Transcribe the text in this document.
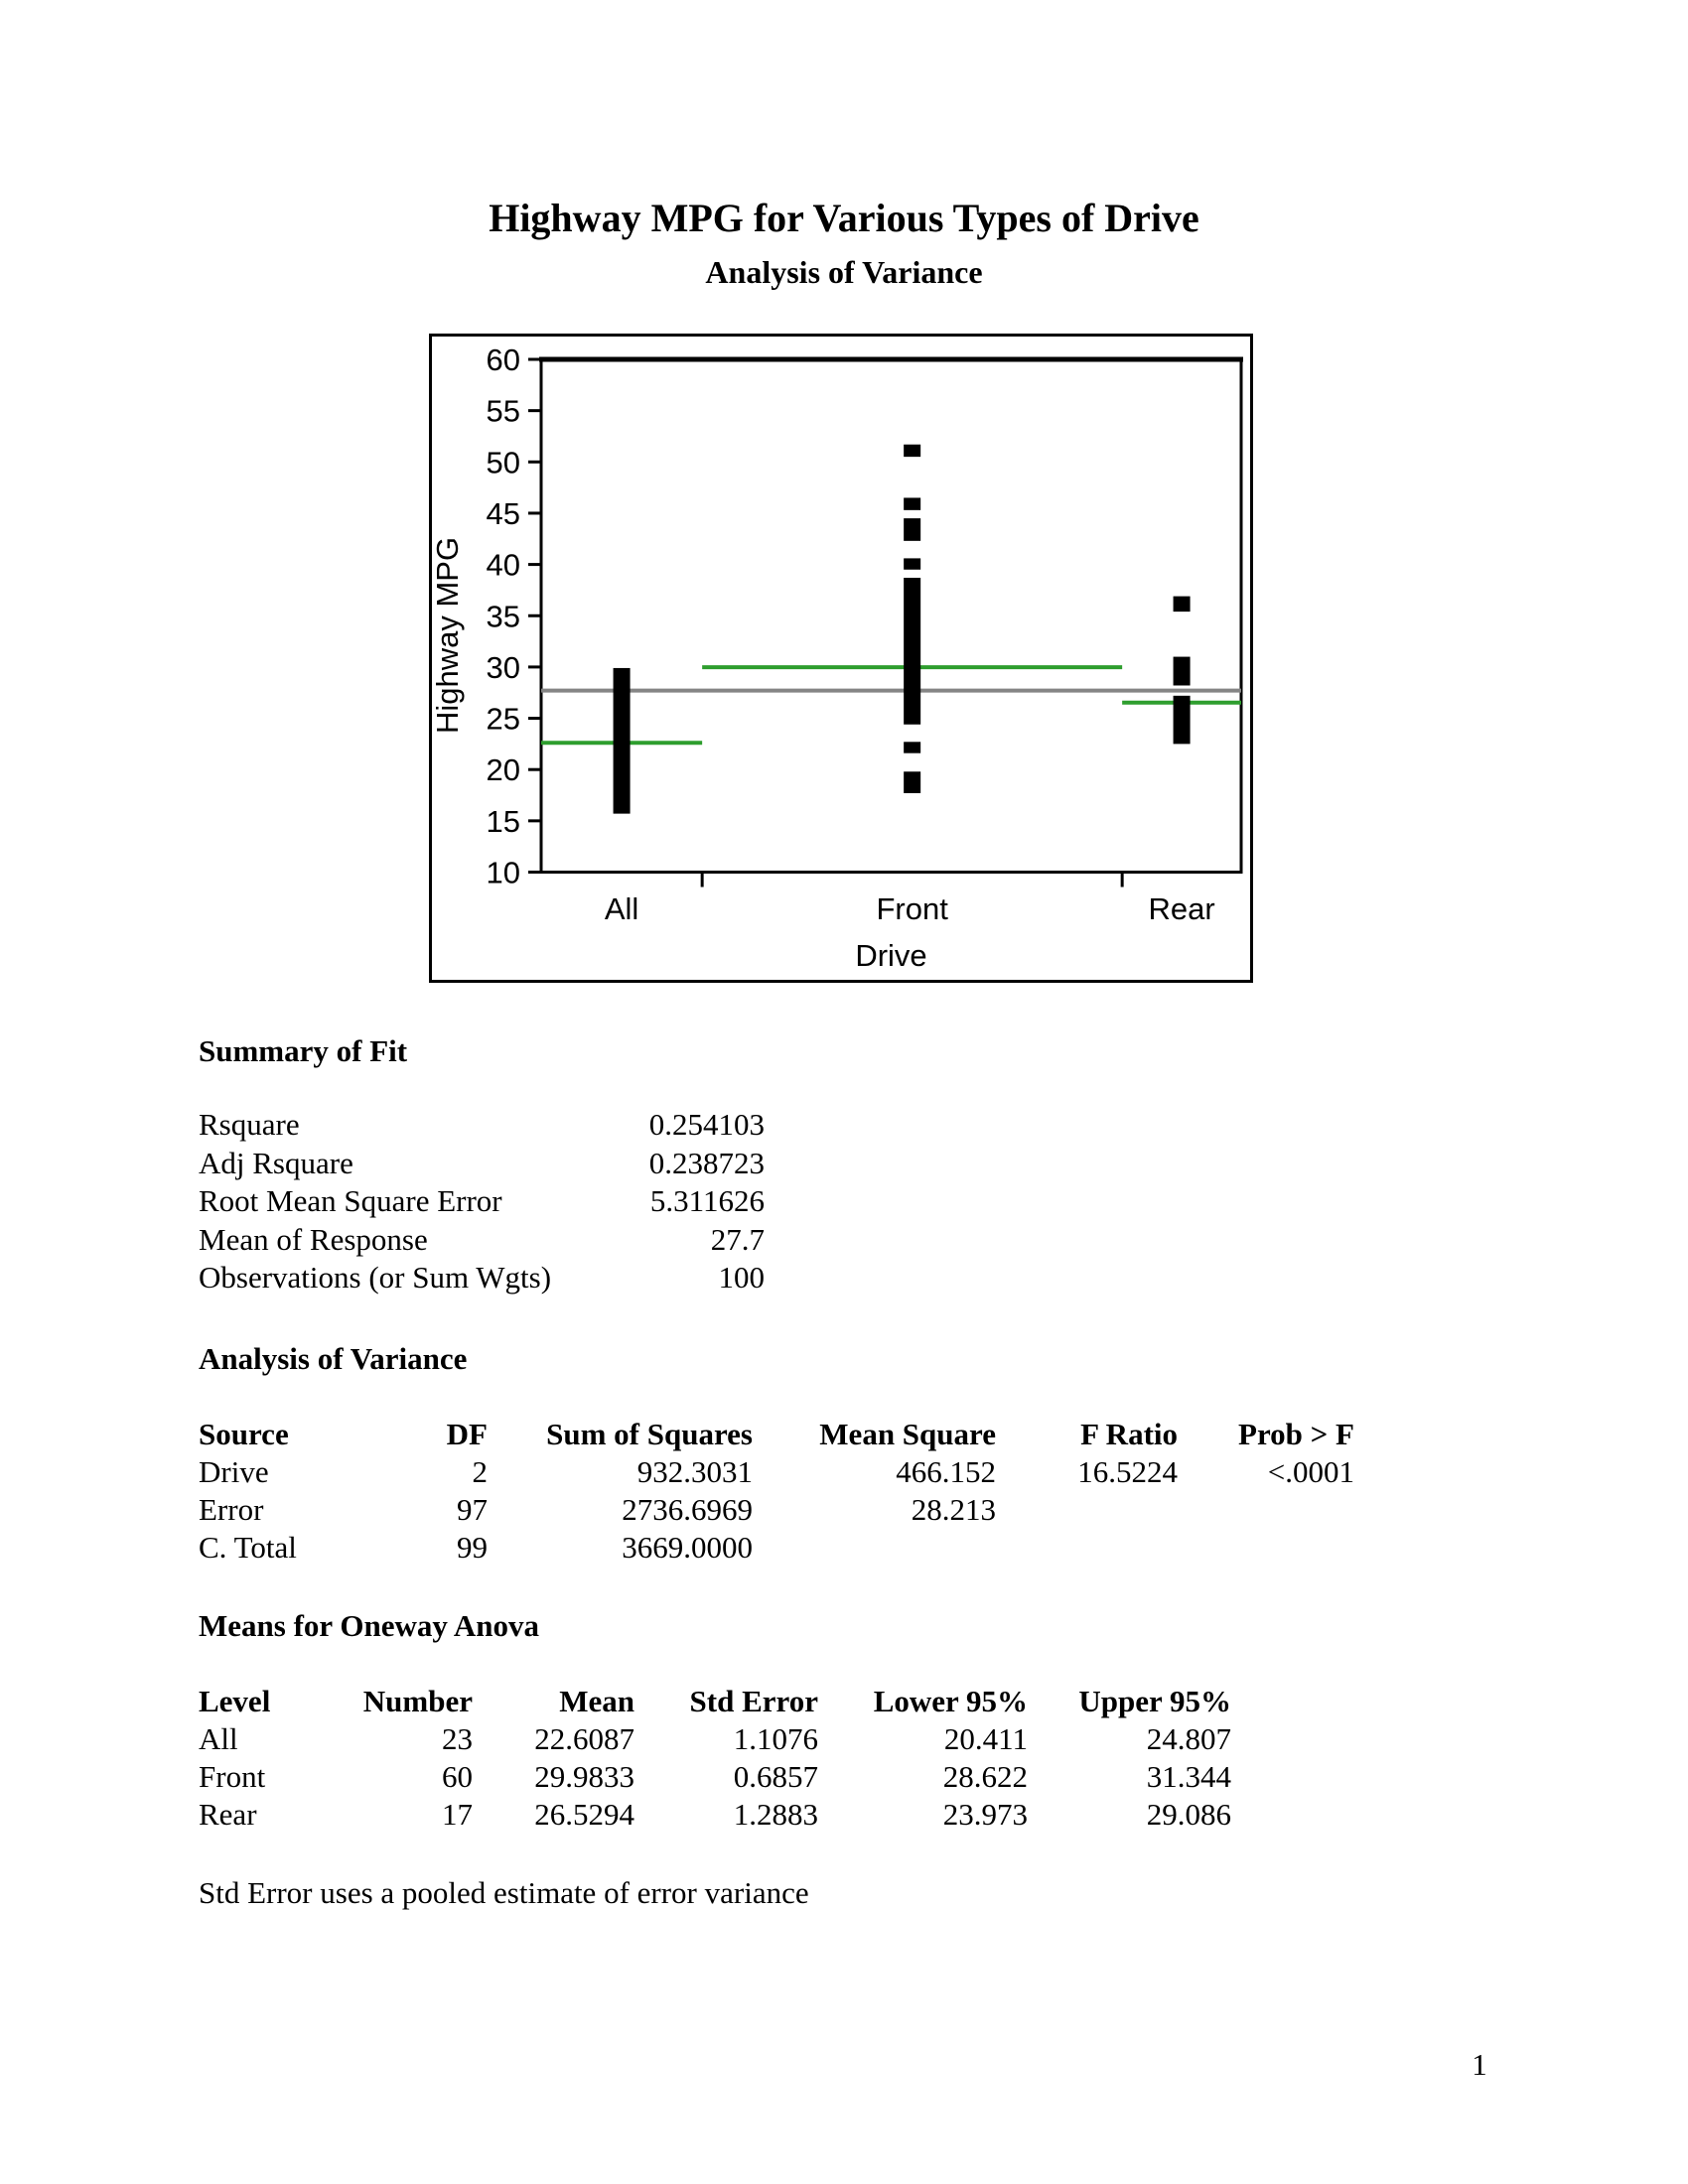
Highway MPG for Various Types of Drive
Analysis of Variance
10
15
20
25
30
35
40
45
50
55
60
All	Front	Rear
Drive
Highway MPG
Summary of Fit
Rsquare	0.254103
Adj Rsquare	0.238723
Root Mean Square Error	5.311626
Mean of Response	27.7
Observations (or Sum Wgts)	100
Analysis of Variance
Source	DF	Sum of Squares	Mean Square	F Ratio	Prob > F
Drive	2	932.3031	466.152	16.5224	<.0001
Error	97	2736.6969	28.213
C. Total	99	3669.0000
Means for Oneway Anova
Level	Number	Mean	Std Error	Lower 95%	Upper 95%
All	23	22.6087	1.1076	20.411	24.807
Front	60	29.9833	0.6857	28.622	31.344
Rear	17	26.5294	1.2883	23.973	29.086
Std Error uses a pooled estimate of error variance
1
